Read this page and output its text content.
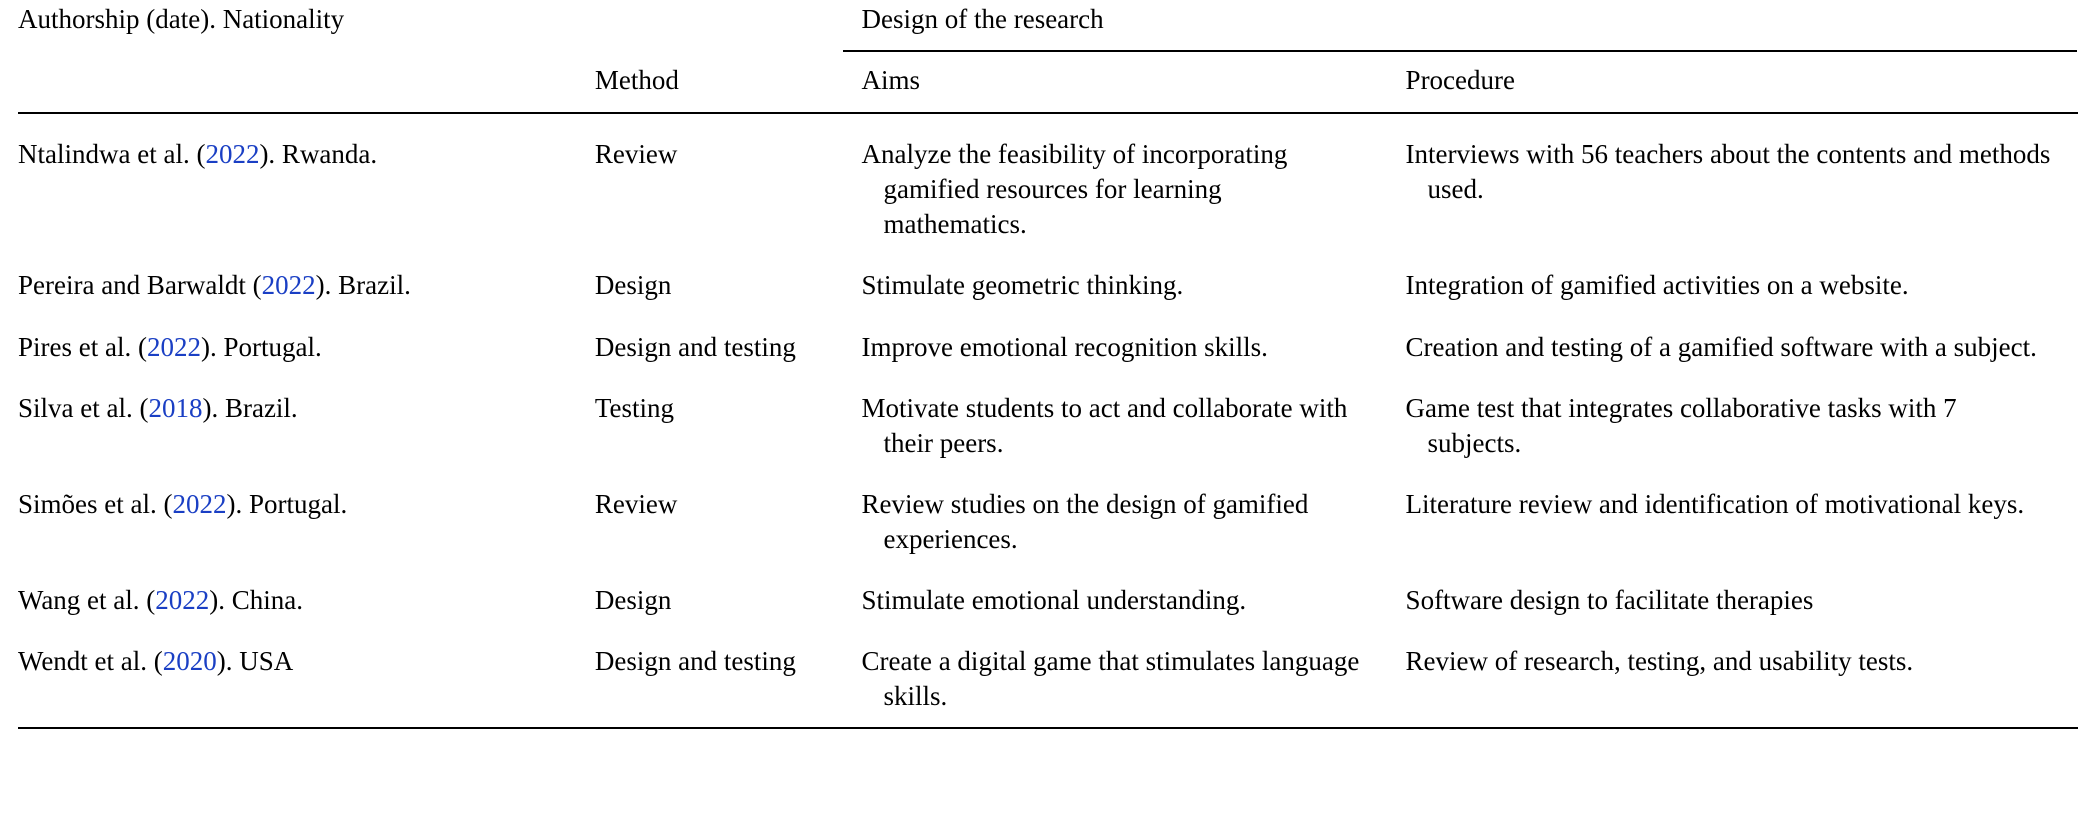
Authorship (date). Nationality		Design of the research	

	Method	Aims	Procedure

Ntalindwa et al. (2022). Rwanda.	Review	Analyze the feasibility of incorporating gamified resources for learning mathematics.	Interviews with 56 teachers about the contents and methods used.

Pereira and Barwaldt (2022). Brazil.	Design	Stimulate geometric thinking.	Integration of gamified activities on a website.

Pires et al. (2022). Portugal.	Design and testing	Improve emotional recognition skills.	Creation and testing of a gamified software with a subject.

Silva et al. (2018). Brazil.	Testing	Motivate students to act and collaborate with their peers.	Game test that integrates collaborative tasks with 7 subjects.

Simões et al. (2022). Portugal.	Review	Review studies on the design of gamified experiences.	Literature review and identification of motivational keys.

Wang et al. (2022). China.	Design	Stimulate emotional understanding.	Software design to facilitate therapies

Wendt et al. (2020). USA	Design and testing	Create a digital game that stimulates language skills.	Review of research, testing, and usability tests.
